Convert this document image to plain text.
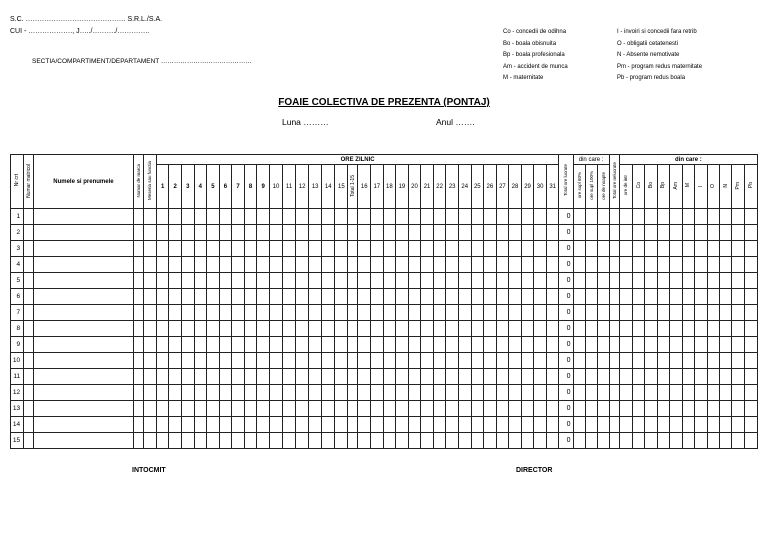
S.C. ……………………………………. S.R.L./S.A.
CUI - ………………., J…../………./…………..
SECTIA/COMPARTIMENT/DEPARTAMENT ……………………………………
Co - concedii de odihna
Bo - boala obisnuita
Bp - boala profesionala
Am - accident de munca
M - maternitate
I - invoiri si concedii fara retrib
O - obligatii cetatenesti
N - Absente nemotivate
Pm - program redus maternitate
Pb - program redus boala
FOAIE COLECTIVA DE PREZENTA (PONTAJ)
Luna ………	Anul …….
Nr crt	Numar matricol	Numele si prenumele	Numar de marca	Meseria sau functia	ORE ZILNIC																																Total ore lucrate	din care :			Total ore nelucrate	din care :										
					1	2	3	4	5	6	7	8	9	10	11	12	13	14	15	Total 1-15	16	17	18	19	20	21	22	23	24	25	26	27	28	29	30	31		ore supl 60%	ore supl 100%	ore de noapte		ore de intr	Co	Bo	Bp	Am	M	I	O	N	Pm	Pb
1																																					0															
2																																					0															
3																																					0															
4																																					0															
5																																					0															
6																																					0															
7																																					0															
8																																					0															
9																																					0															
10																																					0															
11																																					0															
12																																					0															
13																																					0															
14																																					0															
15																																					0															
INTOCMIT	DIRECTOR
